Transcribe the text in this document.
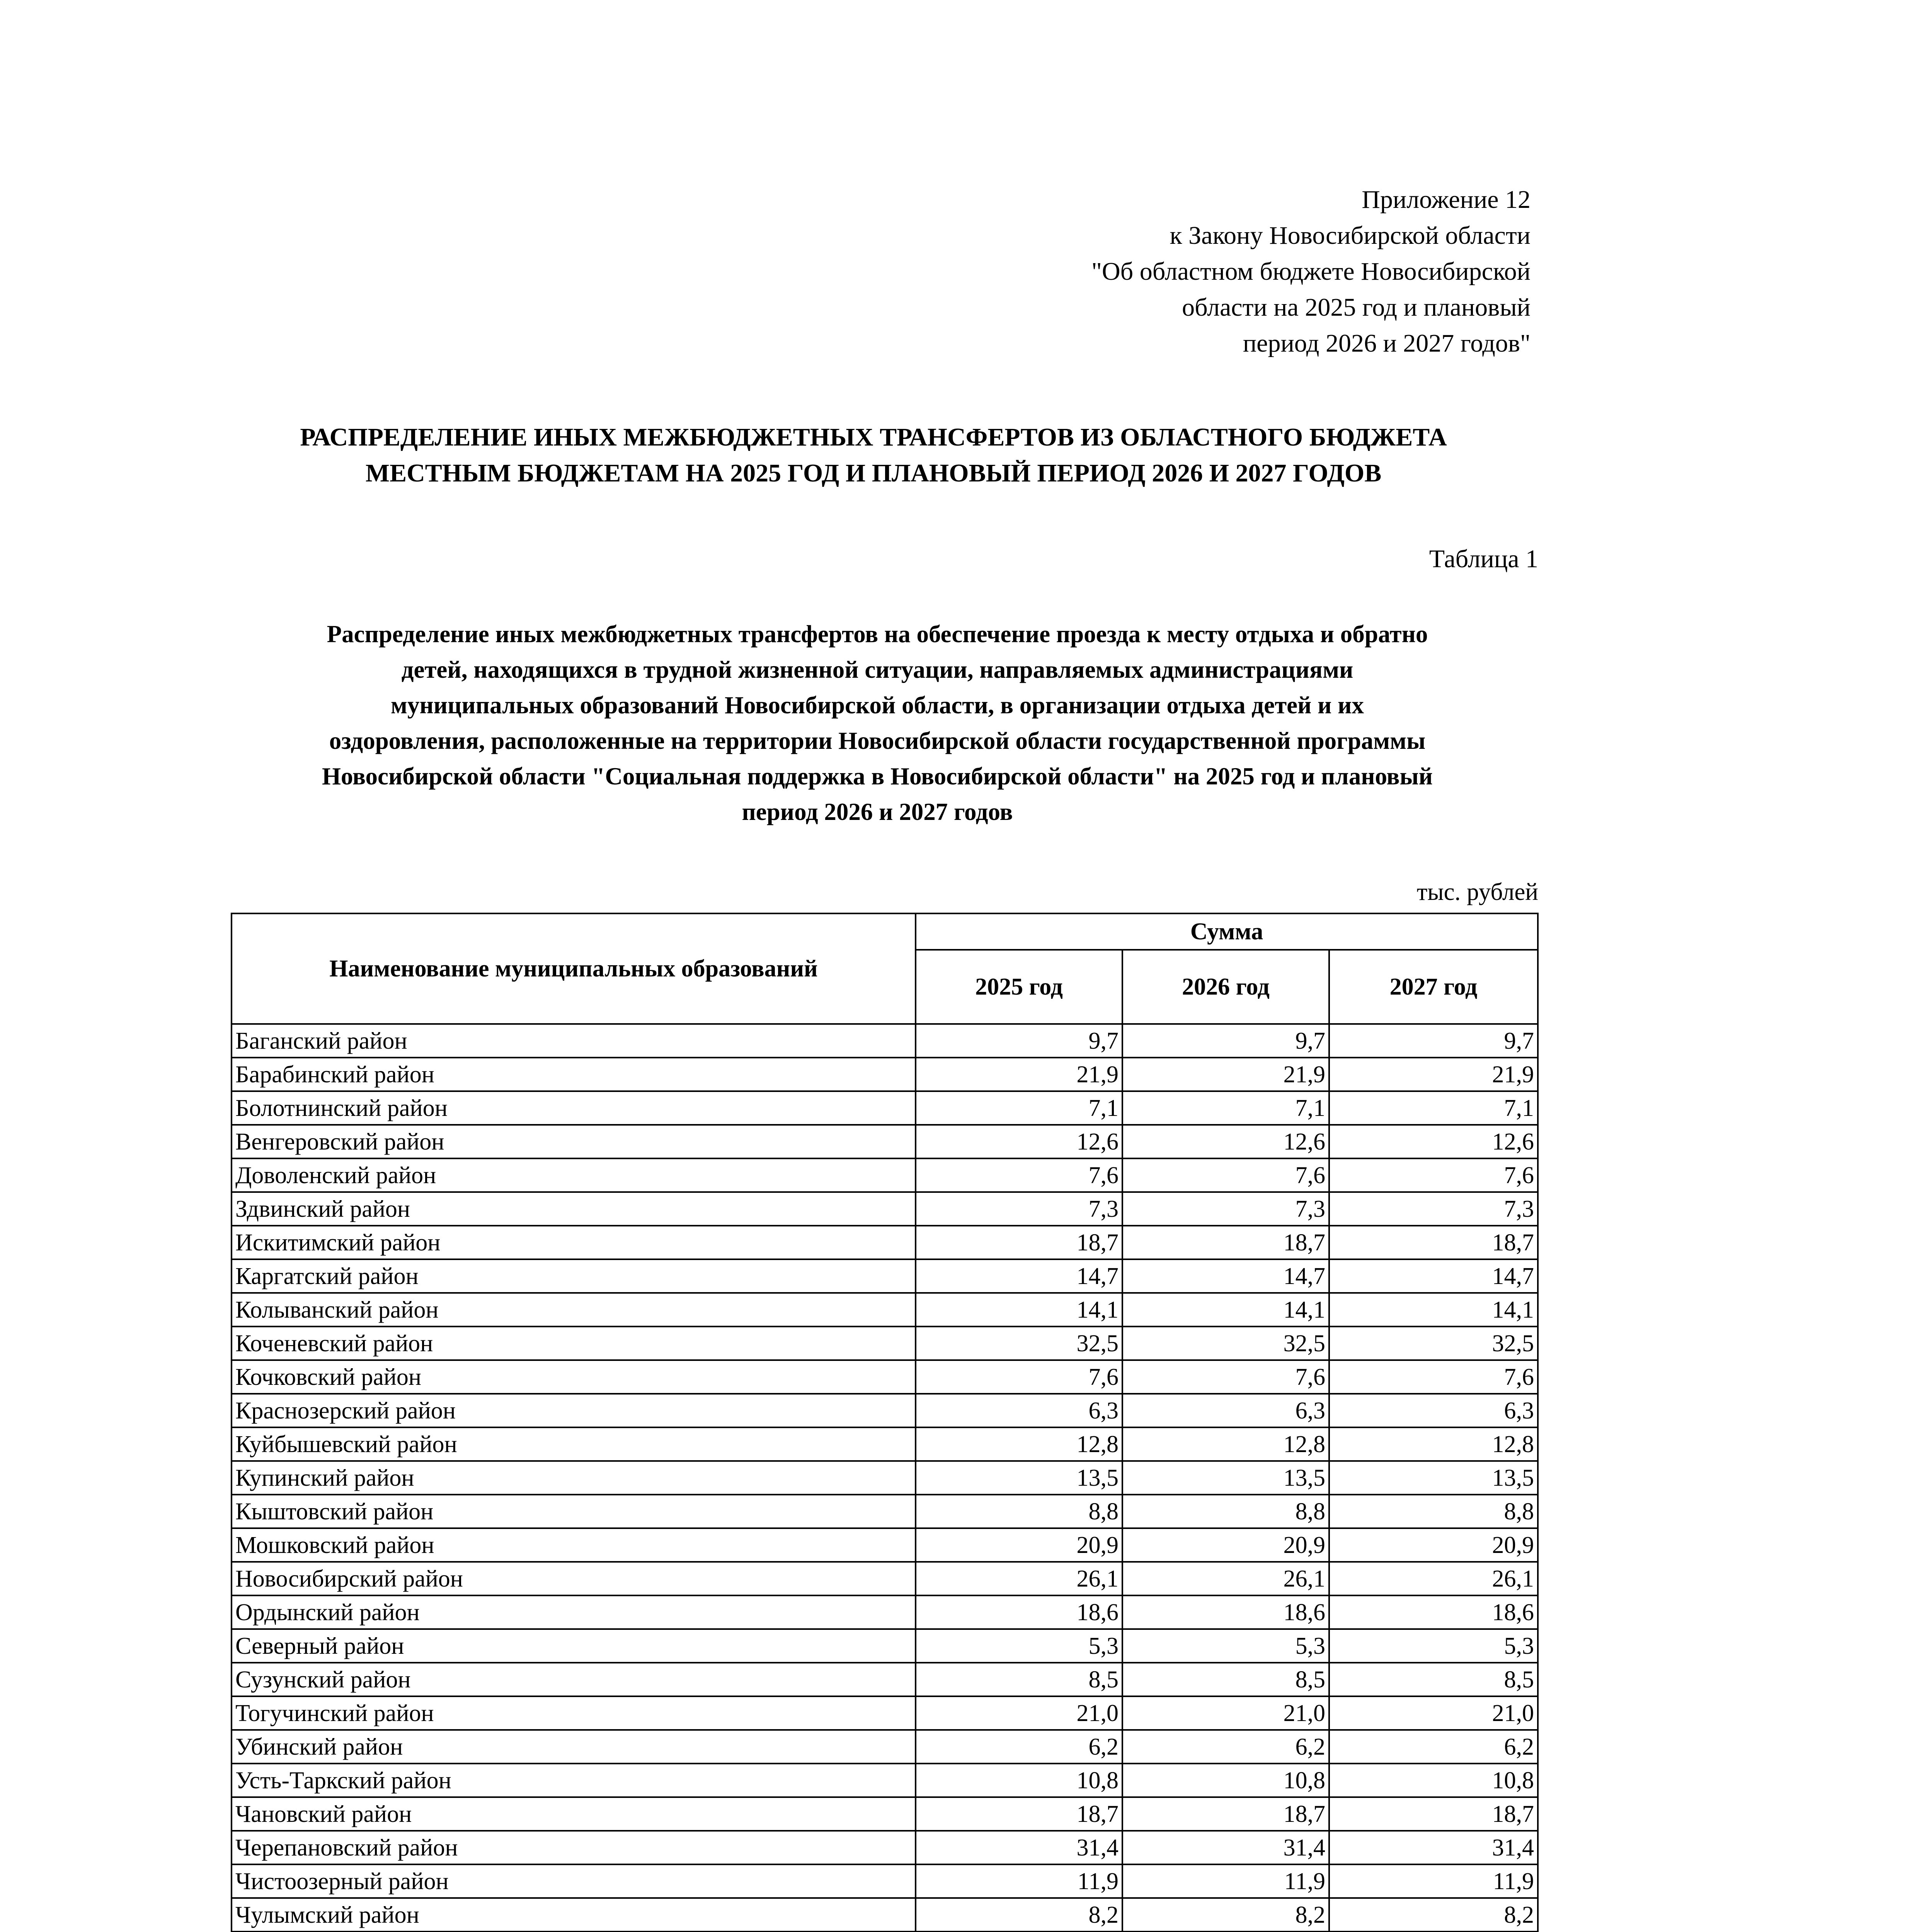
Приложение 12
к Закону Новосибирской области
"Об областном бюджете Новосибирской
области на 2025 год и плановый
период 2026 и 2027 годов"
РАСПРЕДЕЛЕНИЕ ИНЫХ МЕЖБЮДЖЕТНЫХ ТРАНСФЕРТОВ ИЗ ОБЛАСТНОГО БЮДЖЕТА
МЕСТНЫМ БЮДЖЕТАМ НА 2025 ГОД И ПЛАНОВЫЙ ПЕРИОД 2026 И 2027 ГОДОВ
Таблица 1
Распределение иных межбюджетных трансфертов на обеспечение проезда к месту отдыха и обратно
детей, находящихся в трудной жизненной ситуации, направляемых администрациями
муниципальных образований Новосибирской области, в организации отдыха детей и их
оздоровления, расположенные на территории Новосибирской области государственной программы
Новосибирской области "Социальная поддержка в Новосибирской области" на 2025 год и плановый
период 2026 и 2027 годов
тыс. рублей
Наименование муниципальных образований	Сумма		
	2025 год	2026 год	2027 год
Баганский район	9,7	9,7	9,7
Барабинский район	21,9	21,9	21,9
Болотнинский район	7,1	7,1	7,1
Венгеровский район	12,6	12,6	12,6
Доволенский район	7,6	7,6	7,6
Здвинский район	7,3	7,3	7,3
Искитимский район	18,7	18,7	18,7
Каргатский район	14,7	14,7	14,7
Колыванский район	14,1	14,1	14,1
Коченевский район	32,5	32,5	32,5
Кочковский район	7,6	7,6	7,6
Краснозерский район	6,3	6,3	6,3
Куйбышевский район	12,8	12,8	12,8
Купинский район	13,5	13,5	13,5
Кыштовский район	8,8	8,8	8,8
Мошковский район	20,9	20,9	20,9
Новосибирский район	26,1	26,1	26,1
Ордынский район	18,6	18,6	18,6
Северный район	5,3	5,3	5,3
Сузунский район	8,5	8,5	8,5
Тогучинский район	21,0	21,0	21,0
Убинский район	6,2	6,2	6,2
Усть-Таркский район	10,8	10,8	10,8
Чановский район	18,7	18,7	18,7
Черепановский район	31,4	31,4	31,4
Чистоозерный район	11,9	11,9	11,9
Чулымский район	8,2	8,2	8,2
